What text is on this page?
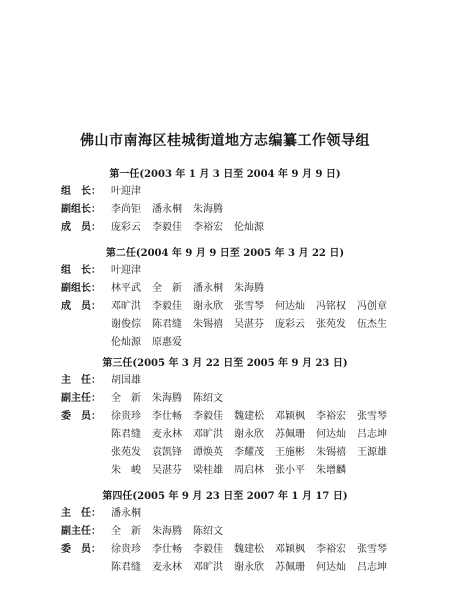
佛山市南海区桂城街道地方志编纂工作领导组
第一任(2003 年 1 月 3 日至 2004 年 9 月 9 日)
组　长：	叶迎津
副组长：	李尚钜 潘永桐 朱海腾
成　员：	庞彩云 李毅佳 李裕宏 伦灿源
第二任(2004 年 9 月 9 日至 2005 年 3 月 22 日)
组　长：	叶迎津
副组长：	林平武 全　新 潘永桐 朱海腾
成　员：	邓旷洪 李毅佳 谢永欣 张雪琴 何达灿 冯铭权 冯创章
谢俊倧 陈君缝 朱锡禧 吴湛芬 庞彩云 张苑发 伍杰生
伦灿源 原惠爱
第三任(2005 年 3 月 22 日至 2005 年 9 月 23 日)
主　任：	胡国雄
副主任：	全　新 朱海腾 陈绍文
委　员：	徐贵珍 李仕畅 李毅佳 魏建松 邓颖枫 李裕宏 张雪琴
陈君缝 麦永林 邓旷洪 谢永欣 苏佩珊 何达灿 吕志坤
张苑发 袁凯锋 谭焕英 李耀茂 王施彬 朱锡禧 王源雄
朱　峻 吴湛芬 梁桂雄 周启林 张小平 朱增麟
第四任(2005 年 9 月 23 日至 2007 年 1 月 17 日)
主　任：	潘永桐
副主任：	全　新 朱海腾 陈绍文
委　员：	徐贵珍 李仕畅 李毅佳 魏建松 邓颖枫 李裕宏 张雪琴
陈君缝 麦永林 邓旷洪 谢永欣 苏佩珊 何达灿 吕志坤
